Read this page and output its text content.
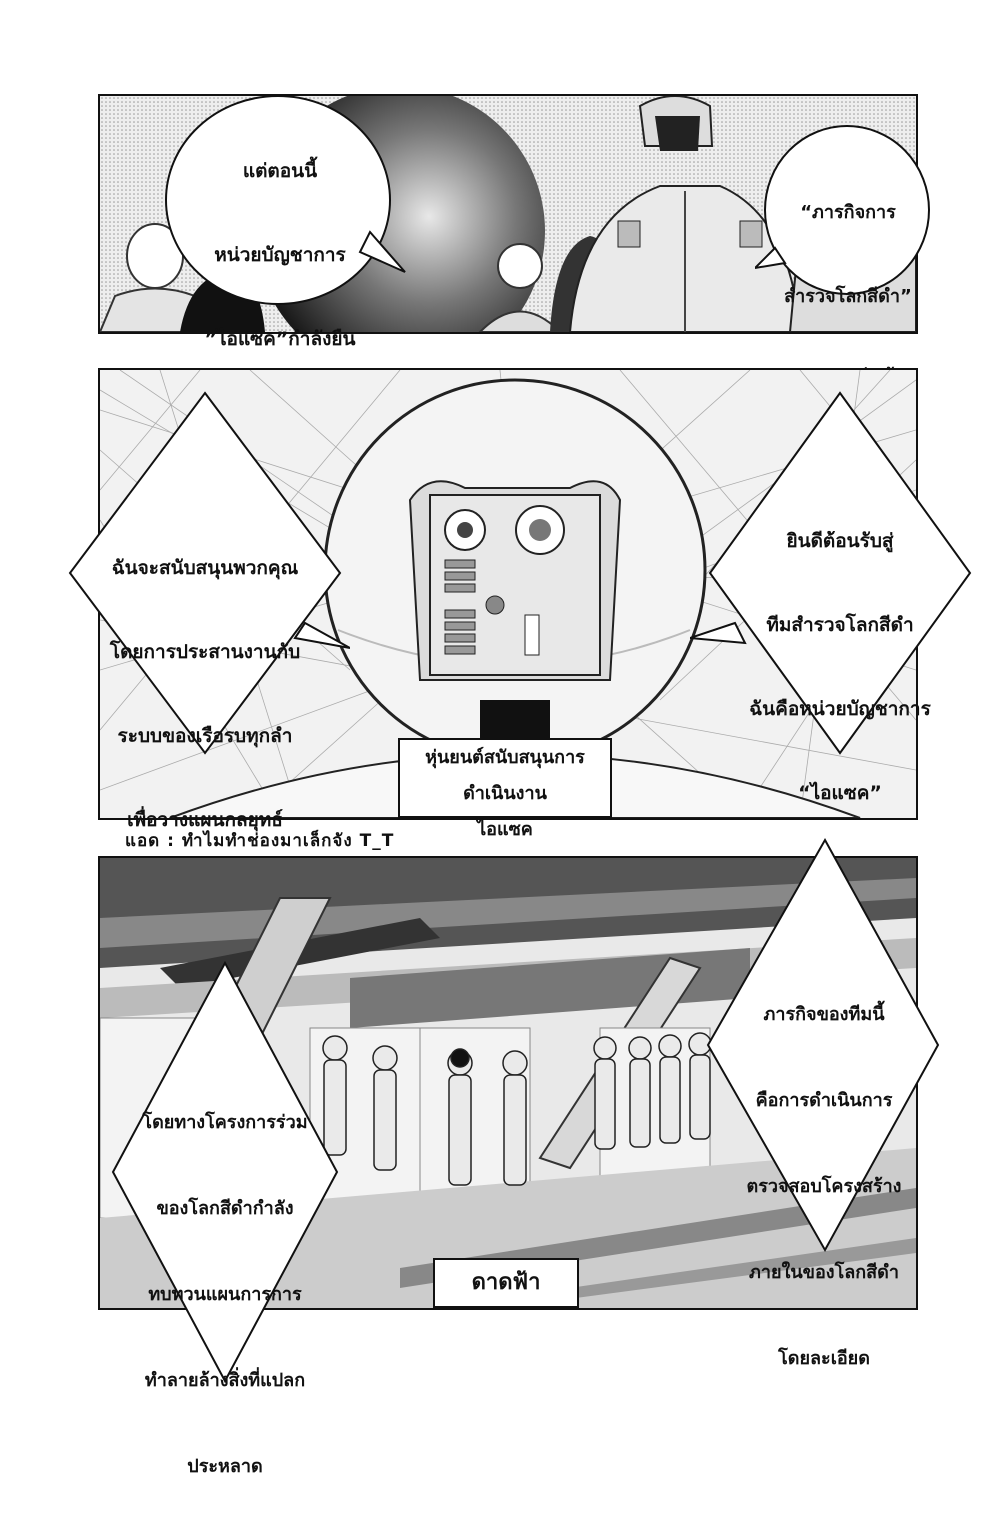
แต่ตอนนี้

หน่วยบัญชาการ

”ไอแซค”กำลังยืน

“ภารกิจการ

สำรวจโลกสีดำ”

ฉันจะสนับสนุนพวกคุณ

โดยการประสานงานกับ

ระบบของเรือรบทุกลำ

เพื่อวางแผนกลยุทธ์

ยินดีต้อนรับสู่

ทีมสำรวจโลกสีดำ

ฉันคือหน่วยบัญชาการ

“ไอแซค”

หุ่นยนต์สนับสนุนการดำเนินงาน
ไอแซค
แอด : ทำไมทำช่องมาเล็กจัง T_T

โดยทางโครงการร่วม

ของโลกสีดำกำลัง

ทบทวนแผนการการ

ทำลายล้างสิ่งที่แปลก

ประหลาด

ภารกิจของทีมนี้

คือการดำเนินการ

ตรวจสอบโครงสร้าง

ภายในของโลกสีดำ

โดยละเอียด

ดาดฟ้า
